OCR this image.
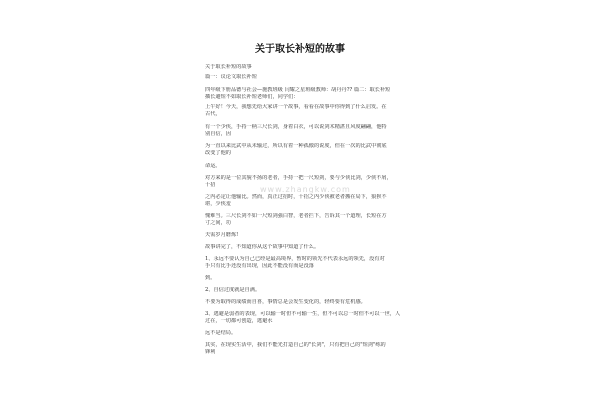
关于取长补短的故事
关于取长补短的故事
篇一：议论文取长补短
四年级下册品德与社会—施教班级 闫耀之星班级教师：胡丹丹?? 篇二：取长补短
插长避短不如取长补短老师们，同学们：
上午好！今天，我想先给大家讲一个故事，看看在故事中你得到了什么启发。在
古代，
有一个少侠，手持一柄三尺长剑，身着白衣，可以说剑术精湛且风度翩翩，他特
别自信，因
为一直以来比武中从未输过，所以有着一种孤傲的说度，但在一次的比武中彻底
改变了他的
命运。
对方来的是一位其貌不扬的老者，手持一把一尺短剑，要与少侠比剑，少侠不屑，
十招
之内必定让他输比。然而，真正过招时，十招之内少侠被老者搬在局下，狼狈不
堪，少侠羞
愧难当。三尺长剑不如一尺短剑强白智，老者拦下，告诉其一个道理，长短在方
寸之间，功
夫需岁月磨炼!
故事讲完了，不知道你从这个故事中知道了什么。
1、永远不要认为自己已经是最高境界，暂时的领先不代表永远的领先，没有对
手只有比手还没有出现，因此不能没有而是没落
到。
2、自信过度就是自满。
不要为取得的成绩而自喜，事情总是会发生变化的，轻终要有危机感。
3、逃避是弱者的表现，可以输一时但不可输一生，但不可以总一时但不可以一世，人
过在，一切都可创造，逃避水
远不是结局。
其实，在现实生活中，我们不能光打造自己的"长剑"，只有把自己的"短剑"练的
锋利
www.zhangkw.com
